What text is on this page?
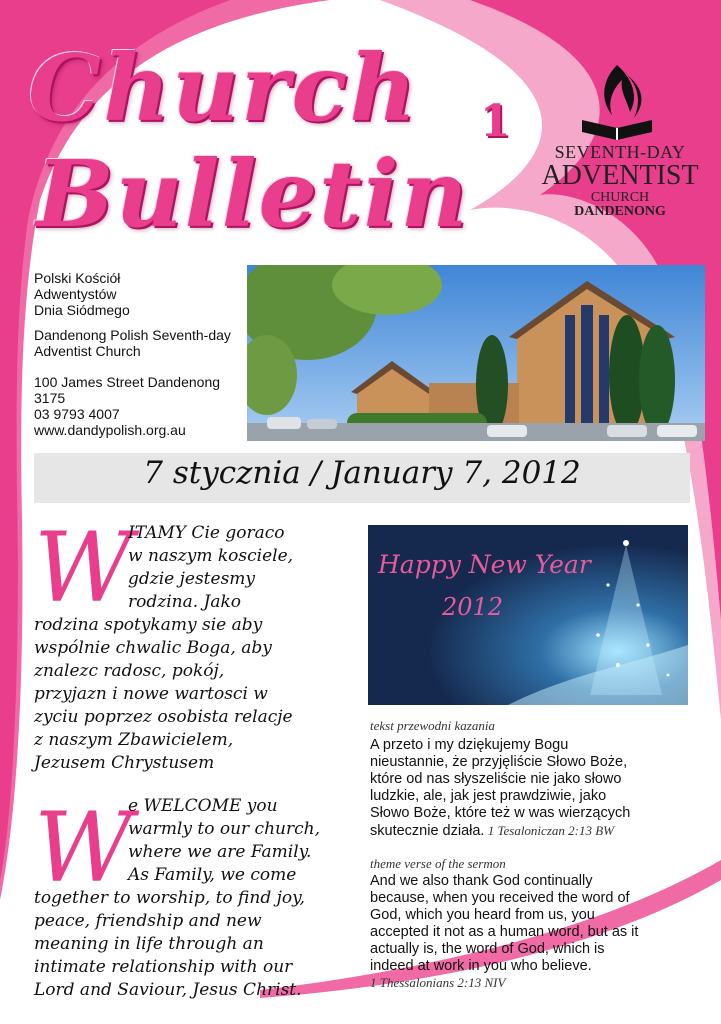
Church
Bulletin
1
SEVENTH-DAY
ADVENTIST
CHURCH
DANDENONG
Polski Kościół
Adwentystów
Dnia Siódmego
Dandenong Polish Seventh-day
Adventist Church
100 James Street Dandenong
3175
03 9793 4007
www.dandypolish.org.au
7 stycznia / January 7, 2012
W
ITAMY Cie goraco
w naszym kosciele,
gdzie jestesmy
rodzina. Jako
rodzina spotykamy sie aby
wspólnie chwalic Boga, aby
znalezc radosc, pokój,
przyjazn i nowe wartosci w
zyciu poprzez osobista relacje
z naszym Zbawicielem,
Jezusem Chrystusem
W
e WELCOME you
warmly to our church,
where we are Family.
As Family, we come
together to worship, to find joy,
peace, friendship and new
meaning in life through an
intimate relationship with our
Lord and Saviour, Jesus Christ.
Happy New Year
2012
tekst przewodni kazania
A przeto i my dziękujemy Bogu
nieustannie, że przyjęliście Słowo Boże,
które od nas słyszeliście nie jako słowo
ludzkie, ale, jak jest prawdziwie, jako
Słowo Boże, które też w was wierzących
skutecznie działa. 1 Tesaloniczan 2:13 BW
theme verse of the sermon
And we also thank God continually
because, when you received the word of
God, which you heard from us, you
accepted it not as a human word, but as it
actually is, the word of God, which is
indeed at work in you who believe.
1 Thessalonians 2:13 NIV
